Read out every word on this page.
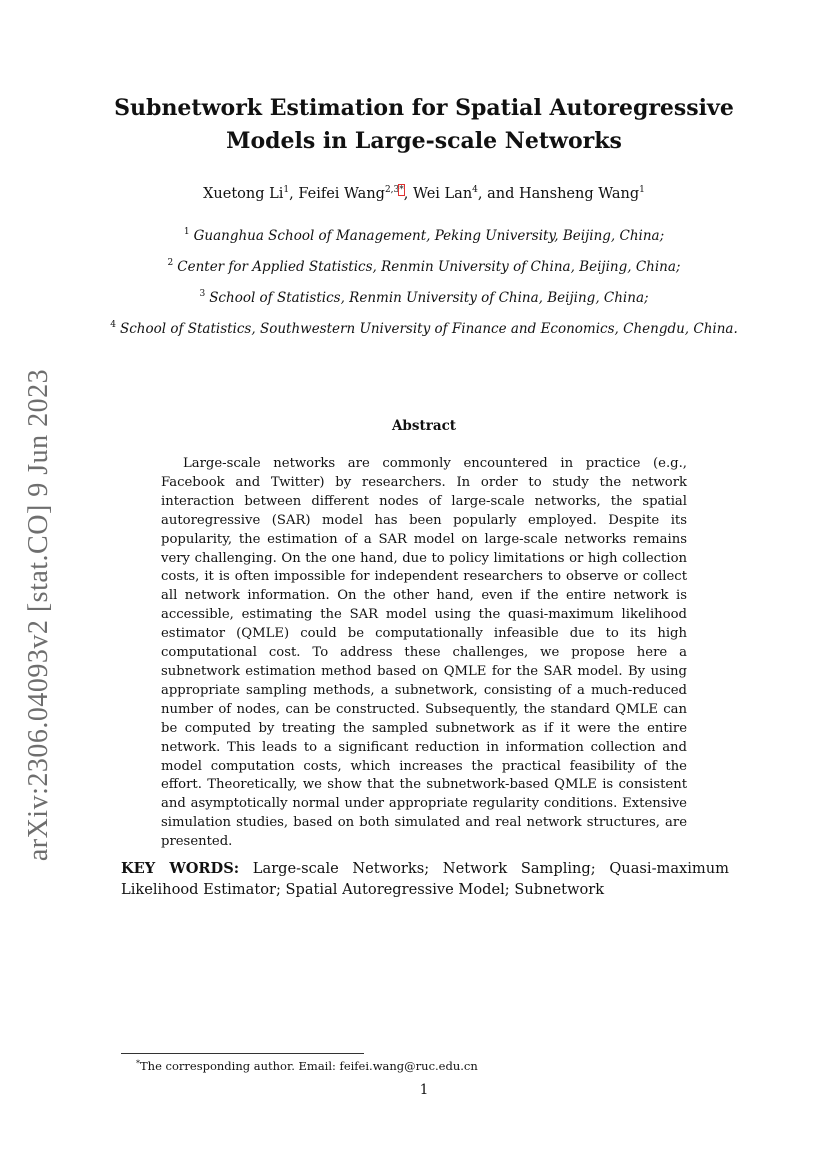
arXiv:2306.04093v2 [stat.CO] 9 Jun 2023
Subnetwork Estimation for Spatial Autoregressive
Models in Large-scale Networks
Xuetong Li$^1$, Feifei Wang$^{2,3*}$, Wei Lan$^4$, and Hansheng Wang$^1$
$^1$ Guanghua School of Management, Peking University, Beijing, China;
$^2$ Center for Applied Statistics, Renmin University of China, Beijing, China;
$^3$ School of Statistics, Renmin University of China, Beijing, China;
$^4$ School of Statistics, Southwestern University of Finance and Economics, Chengdu, China.
Abstract
Large-scale networks are commonly encountered in practice (e.g., Facebook and Twitter) by researchers. In order to study the network interaction between different nodes of large-scale networks, the spatial autoregressive (SAR) model has been popularly employed. Despite its popularity, the estimation of a SAR model on large-scale networks remains very challenging. On the one hand, due to policy limitations or high collection costs, it is often impossible for independent researchers to observe or collect all network information. On the other hand, even if the entire network is accessible, estimating the SAR model using the quasi-maximum likelihood estimator (QMLE) could be computationally infeasible due to its high computational cost. To address these challenges, we propose here a subnetwork estimation method based on QMLE for the SAR model. By using appropriate sampling methods, a subnetwork, consisting of a much-reduced number of nodes, can be constructed. Subsequently, the standard QMLE can be computed by treating the sampled subnetwork as if it were the entire network. This leads to a significant reduction in information collection and model computation costs, which increases the practical feasibility of the effort. Theoretically, we show that the subnetwork-based QMLE is consistent and asymptotically normal under appropriate regularity conditions. Extensive simulation studies, based on both simulated and real network structures, are presented.
KEY WORDS: Large-scale Networks; Network Sampling; Quasi-maximum Likelihood Estimator; Spatial Autoregressive Model; Subnetwork
*The corresponding author. Email: feifei.wang@ruc.edu.cn
1
